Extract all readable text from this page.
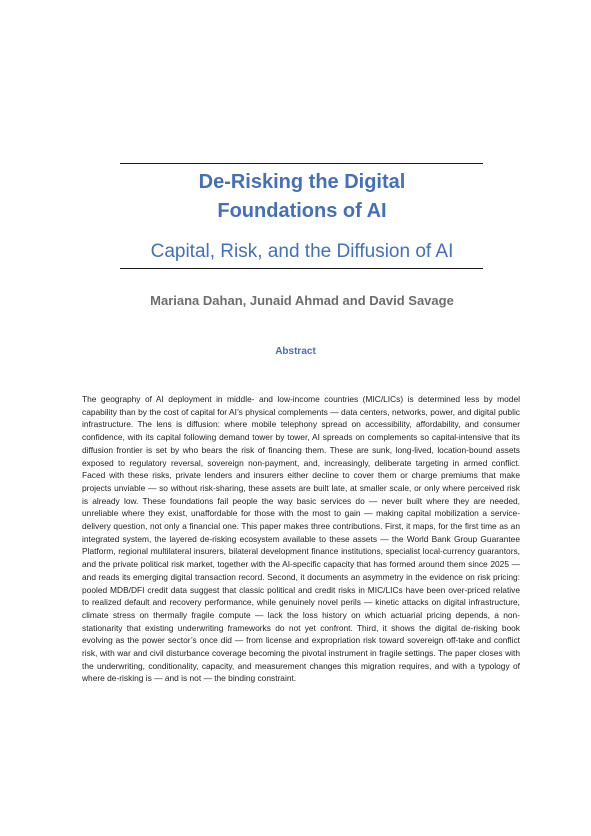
De-Risking the Digital Foundations of AI
Capital, Risk, and the Diffusion of AI
Mariana Dahan, Junaid Ahmad and David Savage
Abstract

The geography of AI deployment in middle- and low-income countries (MIC/LICs) is determined less by model capability than by the cost of capital for AI’s physical complements — data centers, networks, power, and digital public infrastructure. The lens is diffusion: where mobile telephony spread on accessibility, affordability, and consumer confidence, with its capital following demand tower by tower, AI spreads on complements so capital-intensive that its diffusion frontier is set by who bears the risk of financing them. These are sunk, long-lived, location-bound assets exposed to regulatory reversal, sovereign non-payment, and, increasingly, deliberate targeting in armed conflict. Faced with these risks, private lenders and insurers either decline to cover them or charge premiums that make projects unviable — so without risk-sharing, these assets are built late, at smaller scale, or only where perceived risk is already low. These foundations fail people the way basic services do — never built where they are needed, unreliable where they exist, unaffordable for those with the most to gain — making capital mobilization a service-delivery question, not only a financial one. This paper makes three contributions. First, it maps, for the first time as an integrated system, the layered de-risking ecosystem available to these assets — the World Bank Group Guarantee Platform, regional multilateral insurers, bilateral development finance institutions, specialist local-currency guarantors, and the private political risk market, together with the AI-specific capacity that has formed around them since 2025 — and reads its emerging digital transaction record. Second, it documents an asymmetry in the evidence on risk pricing: pooled MDB/DFI credit data suggest that classic political and credit risks in MIC/LICs have been over-priced relative to realized default and recovery performance, while genuinely novel perils — kinetic attacks on digital infrastructure, climate stress on thermally fragile compute — lack the loss history on which actuarial pricing depends, a non-stationarity that existing underwriting frameworks do not yet confront. Third, it shows the digital de-risking book evolving as the power sector’s once did — from license and expropriation risk toward sovereign off-take and conflict risk, with war and civil disturbance coverage becoming the pivotal instrument in fragile settings. The paper closes with the underwriting, conditionality, capacity, and measurement changes this migration requires, and with a typology of where de-risking is — and is not — the binding constraint.
